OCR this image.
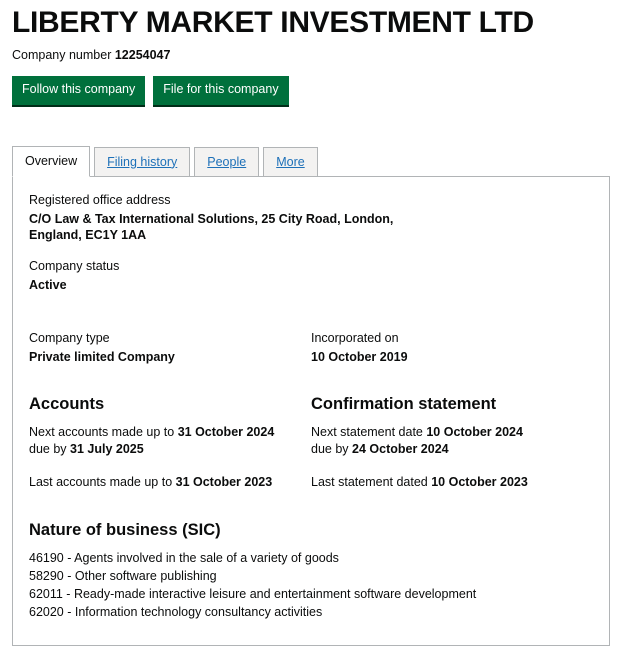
LIBERTY MARKET INVESTMENT LTD

Company number 12254047

Follow this company	File for this company
Overview	Filing history	People	More
Registered office address
C/O Law & Tax International Solutions, 25 City Road, London,
England, EC1Y 1AA
Company status
Active
Company type
Private limited Company
Incorporated on
10 October 2019
Accounts

Next accounts made up to 31 October 2024
due by 31 July 2025

Last accounts made up to 31 October 2023

Confirmation statement

Next statement date 10 October 2024
due by 24 October 2024

Last statement dated 10 October 2023

Nature of business (SIC)
46190 - Agents involved in the sale of a variety of goods
58290 - Other software publishing
62011 - Ready-made interactive leisure and entertainment software development
62020 - Information technology consultancy activities
